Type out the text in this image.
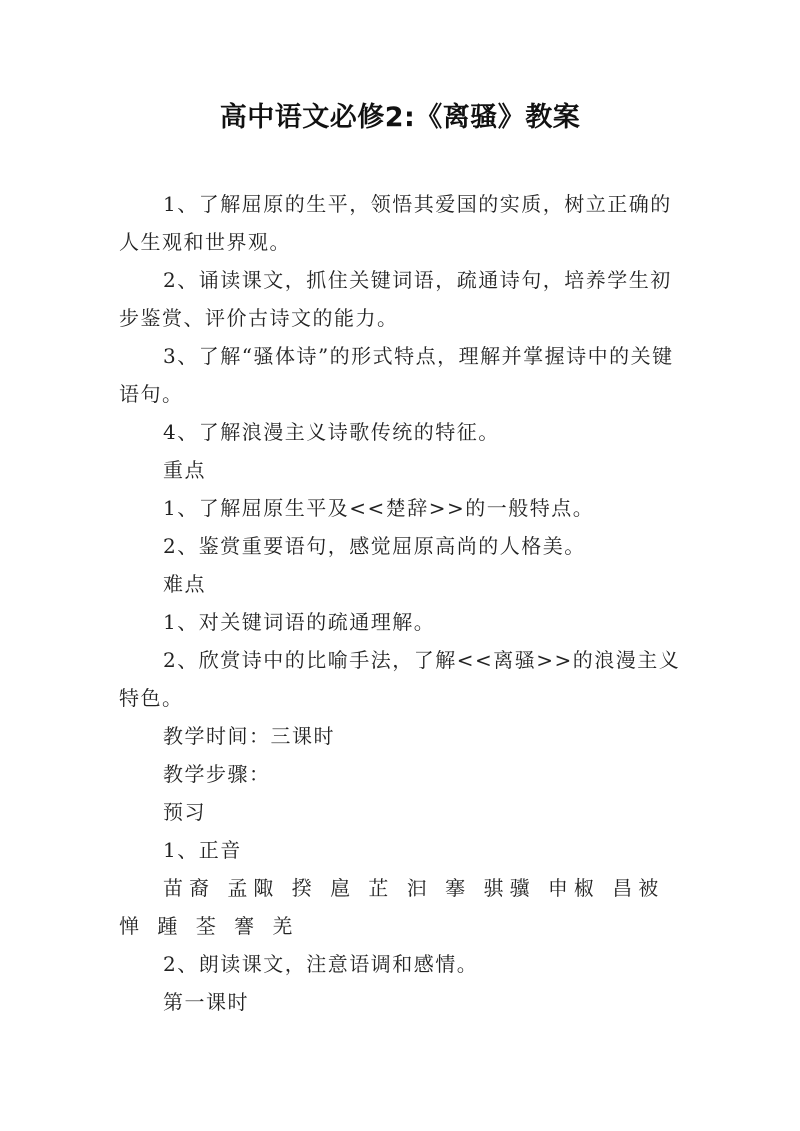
高中语文必修2:《离骚》教案

1、了解屈原的生平，领悟其爱国的实质，树立正确的人生观和世界观。

2、诵读课文，抓住关键词语，疏通诗句，培养学生初步鉴赏、评价古诗文的能力。

3、了解“骚体诗”的形式特点，理解并掌握诗中的关键语句。

4、了解浪漫主义诗歌传统的特征。

重点

1、了解屈原生平及<<楚辞>>的一般特点。

2、鉴赏重要语句，感觉屈原高尚的人格美。

难点

1、对关键词语的疏通理解。

2、欣赏诗中的比喻手法，了解<<离骚>>的浪漫主义特色。

教学时间：三课时

教学步骤：

预习

1、正音

苗裔 孟陬 揆 扈 芷 汩 搴 骐骥 申椒 昌被 惮 踵 荃 謇 羌

2、朗读课文，注意语调和感情。

第一课时
